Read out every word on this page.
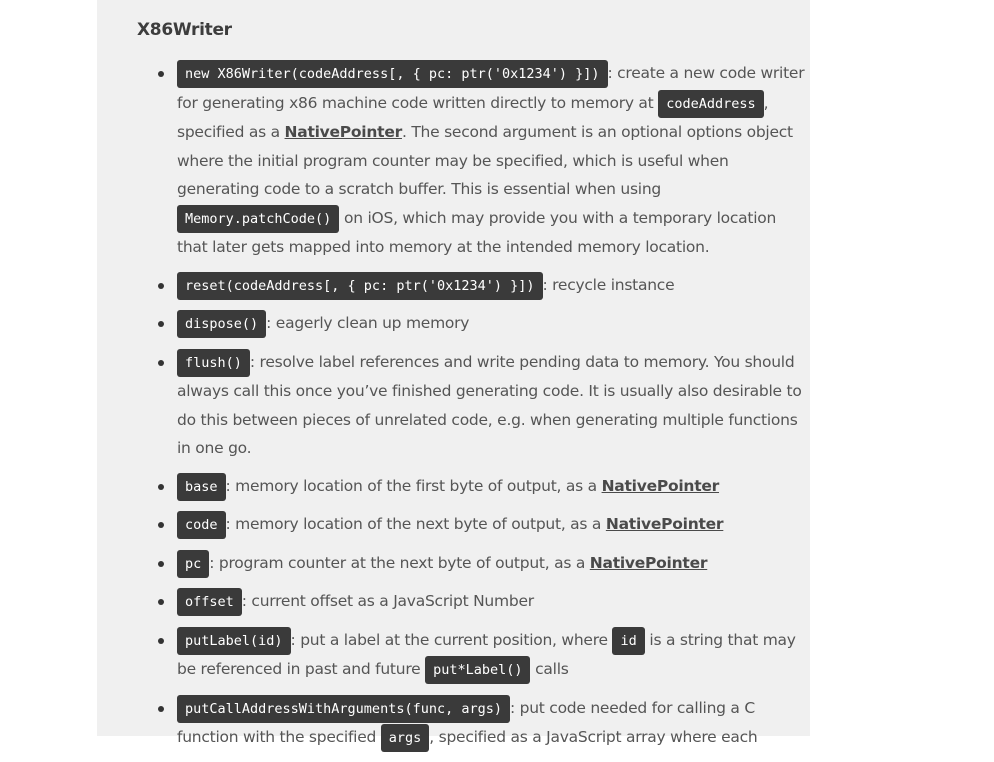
X86Writer
new X86Writer(codeAddress[, { pc: ptr('0x1234') }]) : create a new code writer for generating x86 machine code written directly to memory at codeAddress , specified as a NativePointer. The second argument is an optional options object where the initial program counter may be specified, which is useful when generating code to a scratch buffer. This is essential when using Memory.patchCode() on iOS, which may provide you with a temporary location that later gets mapped into memory at the intended memory location.
reset(codeAddress[, { pc: ptr('0x1234') }]) : recycle instance
dispose() : eagerly clean up memory
flush() : resolve label references and write pending data to memory. You should always call this once you’ve finished generating code. It is usually also desirable to do this between pieces of unrelated code, e.g. when generating multiple functions in one go.
base : memory location of the first byte of output, as a NativePointer
code : memory location of the next byte of output, as a NativePointer
pc : program counter at the next byte of output, as a NativePointer
offset : current offset as a JavaScript Number
putLabel(id) : put a label at the current position, where id is a string that may be referenced in past and future put*Label() calls
putCallAddressWithArguments(func, args) : put code needed for calling a C function with the specified args , specified as a JavaScript array where each
